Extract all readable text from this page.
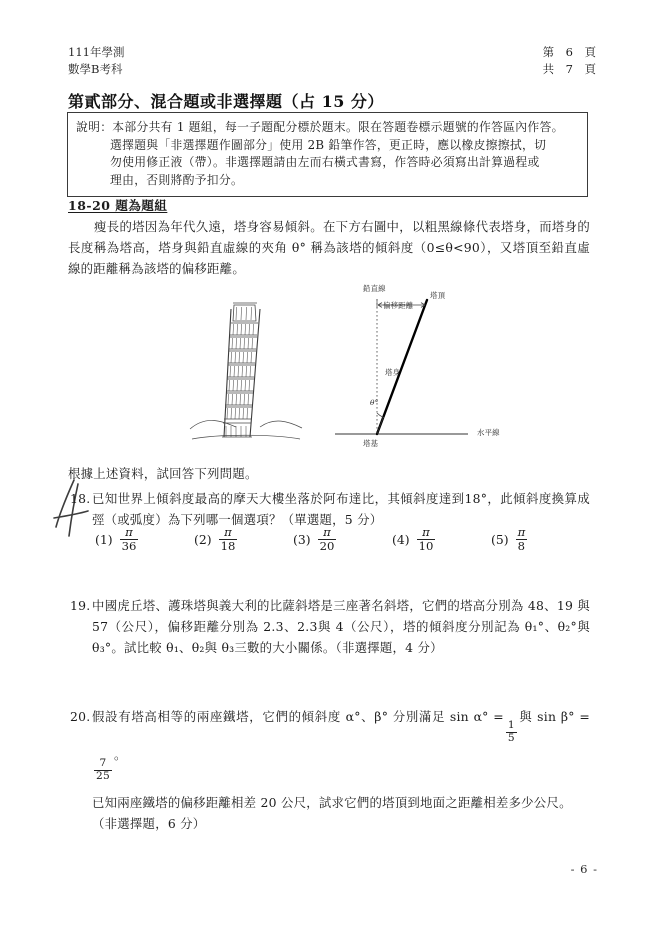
111年學測
數學B考科
第　6　頁
共　7　頁
第貳部分、混合題或非選擇題（占 15 分）
說明：本部分共有 1 題組，每一子題配分標於題末。限在答題卷標示題號的作答區內作答。
選擇題與「非選擇題作圖部分」使用 2B 鉛筆作答，更正時，應以橡皮擦擦拭，切
勿使用修正液（帶）。非選擇題請由左而右橫式書寫，作答時必須寫出計算過程或
理由，否則將酌予扣分。
18-20 題為題組

瘦長的塔因為年代久遠，塔身容易傾斜。在下方右圖中，以粗黑線條代表塔身，而塔身的長度稱為塔高，塔身與鉛直虛線的夾角 θ° 稱為該塔的傾斜度（0≤θ<90），又塔頂至鉛直虛線的距離稱為該塔的偏移距離。

鉛直線
塔頂
偏移距離
塔身
θ°
塔基
水平線
根據上述資料，試回答下列問題。
18. 已知世界上傾斜度最高的摩天大樓坐落於阿布達比，其傾斜度達到18°，此傾斜度換算成弳（或弧度）為下列哪一個選項？（單選題，5 分）
$(1) \frac{\pi}{36}$	$(2) \frac{\pi}{18}$	$(3) \frac{\pi}{20}$	$(4) \frac{\pi}{10}$	$(5) \frac{\pi}{8}$
19. 中國虎丘塔、護珠塔與義大利的比薩斜塔是三座著名斜塔，它們的塔高分別為 48、19 與 57（公尺），偏移距離分別為 2.3、2.3與 4（公尺），塔的傾斜度分別記為 θ₁°、θ₂°與 θ₃°。試比較 θ₁、θ₂與 θ₃三數的大小關係。（非選擇題，4 分）
20. 假設有塔高相等的兩座鐵塔，它們的傾斜度 α°、β° 分別滿足 sin α° =
$\frac{1}{5}$
與 sin β° =
$\frac{7}{25}$
。
已知兩座鐵塔的偏移距離相差 20 公尺，試求它們的塔頂到地面之距離相差多少公尺。
（非選擇題，6 分）
- 6 -
